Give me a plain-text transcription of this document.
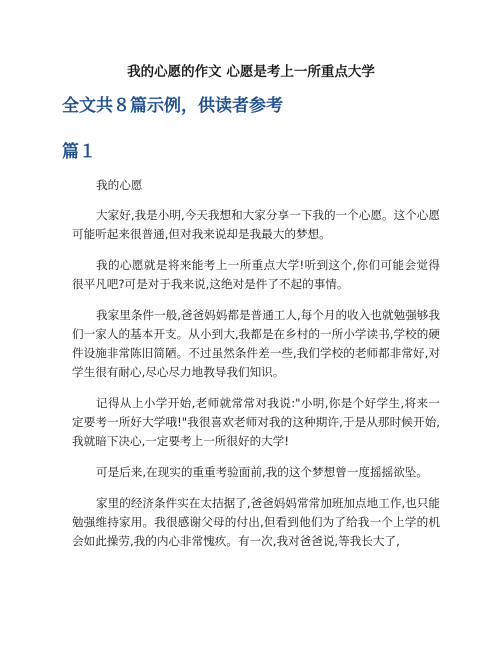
我的心愿的作文 心愿是考上一所重点大学
全文共８篇示例，供读者参考
篇１

我的心愿

大家好,我是小明,今天我想和大家分享一下我的一个心愿。这个心愿可能听起来很普通,但对我来说却是我最大的梦想。

我的心愿就是将来能考上一所重点大学!听到这个,你们可能会觉得很平凡吧?可是对于我来说,这绝对是件了不起的事情。

我家里条件一般,爸爸妈妈都是普通工人,每个月的收入也就勉强够我们一家人的基本开支。从小到大,我都是在乡村的一所小学读书,学校的硬件设施非常陈旧简陋。不过虽然条件差一些,我们学校的老师都非常好,对学生很有耐心,尽心尽力地教导我们知识。

记得从上小学开始,老师就常常对我说:"小明,你是个好学生,将来一定要考一所好大学哦!"我很喜欢老师对我的这种期许,于是从那时候开始,我就暗下决心,一定要考上一所很好的大学!

可是后来,在现实的重重考验面前,我的这个梦想曾一度摇摇欲坠。

家里的经济条件实在太拮据了,爸爸妈妈常常加班加点地工作,也只能勉强维持家用。我很感谢父母的付出,但看到他们为了给我一个上学的机会如此操劳,我的内心非常愧疚。有一次,我对爸爸说,等我长大了,
